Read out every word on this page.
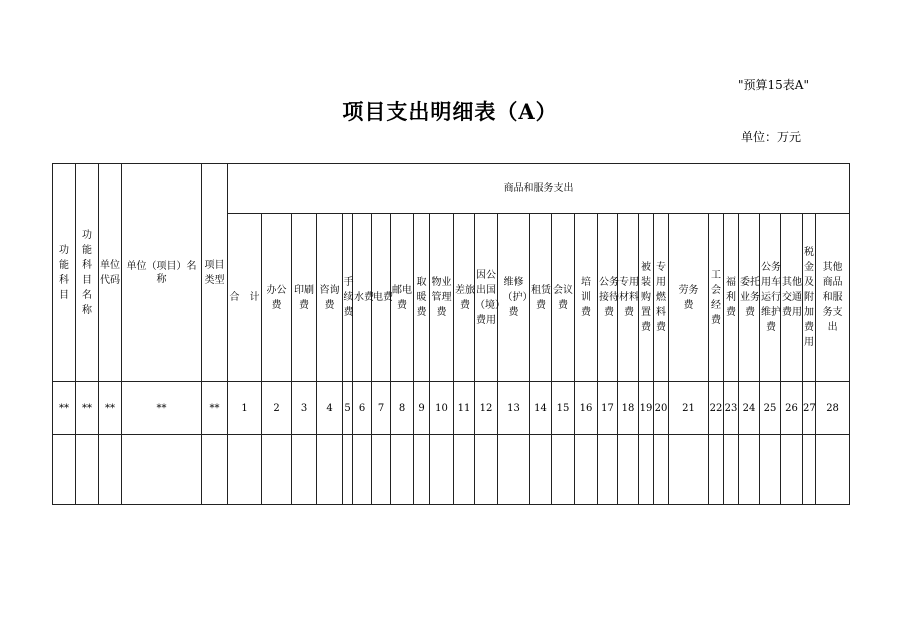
"预算15表A"
项目支出明细表（A）
单位：万元
功能科目	功能科目名称	单位代码	单位（项目）名称	项目类型	商品和服务支出																											
					合　计	办公费	印刷费	咨询费	手续费	水费	电费	邮电费	取暖费	物业管理费	差旅费	因公出国（境）费用	维修（护）费	租赁费	会议费	培训费	公务接待费	专用材料费	被装购置费	专用燃料费	劳务费	工会经费	福利费	委托业务费	公务用车运行维护费	其他交通费用	税金及附加费用	其他商品和服务支出
**	**	**	**	**	1	2	3	4	5	6	7	8	9	10	11	12	13	14	15	16	17	18	19	20	21	22	23	24	25	26	27	28
